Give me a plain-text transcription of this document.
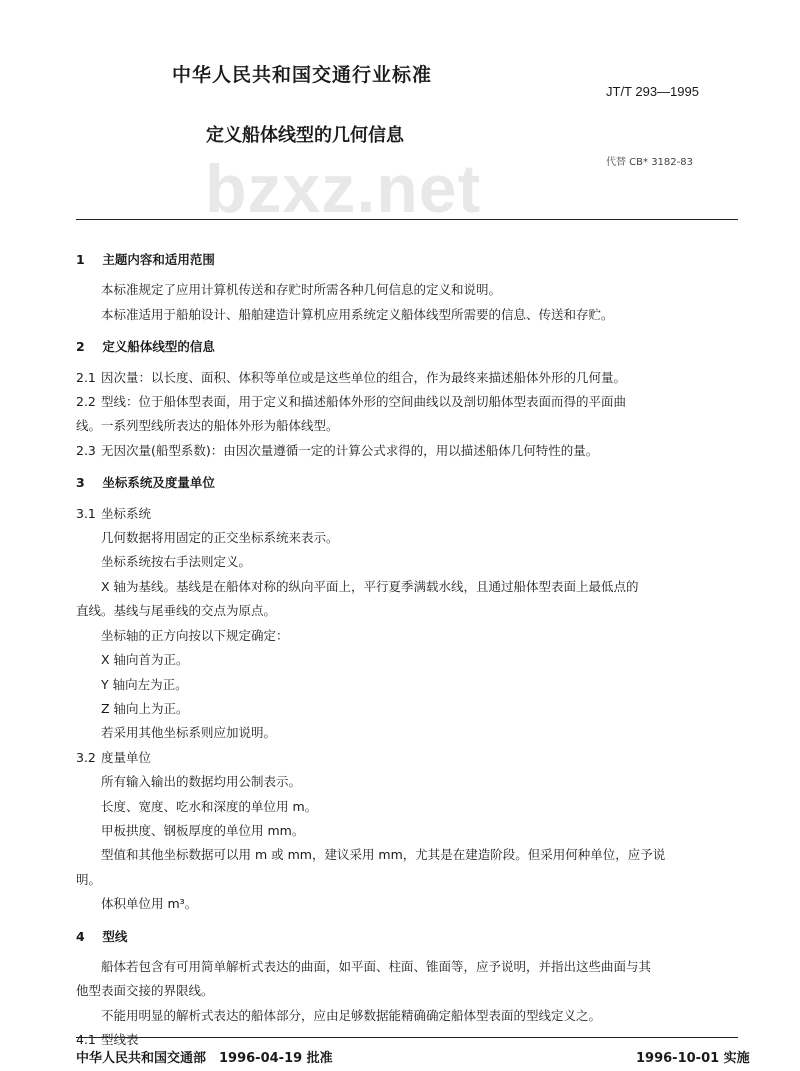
中华人民共和国交通行业标准
JT/T 293—1995
bzxz.net
定义船体线型的几何信息
代替 CB* 3182-83
1 主题内容和适用范围
本标准规定了应用计算机传送和存贮时所需各种几何信息的定义和说明。
本标准适用于船舶设计、船舶建造计算机应用系统定义船体线型所需要的信息、传送和存贮。
2 定义船体线型的信息
2.1 因次量：以长度、面积、体积等单位或是这些单位的组合，作为最终来描述船体外形的几何量。
2.2 型线：位于船体型表面，用于定义和描述船体外形的空间曲线以及剖切船体型表面而得的平面曲
线。一系列型线所表达的船体外形为船体线型。
2.3 无因次量(船型系数)：由因次量遵循一定的计算公式求得的，用以描述船体几何特性的量。
3 坐标系统及度量单位
3.1 坐标系统
几何数据将用固定的正交坐标系统来表示。
坐标系统按右手法则定义。
X 轴为基线。基线是在船体对称的纵向平面上，平行夏季满载水线，且通过船体型表面上最低点的
直线。基线与尾垂线的交点为原点。
坐标轴的正方向按以下规定确定：
X 轴向首为正。
Y 轴向左为正。
Z 轴向上为正。
若采用其他坐标系则应加说明。
3.2 度量单位
所有输入输出的数据均用公制表示。
长度、宽度、吃水和深度的单位用 m。
甲板拱度、钢板厚度的单位用 mm。
型值和其他坐标数据可以用 m 或 mm，建议采用 mm，尤其是在建造阶段。但采用何种单位，应予说
明。
体积单位用 m³。
4 型线
船体若包含有可用简单解析式表达的曲面，如平面、柱面、锥面等，应予说明，并指出这些曲面与其
他型表面交接的界限线。
不能用明显的解析式表达的船体部分，应由足够数据能精确确定船体型表面的型线定义之。
4.1 型线表
中华人民共和国交通部　1996-04-19 批准	1996-10-01 实施
